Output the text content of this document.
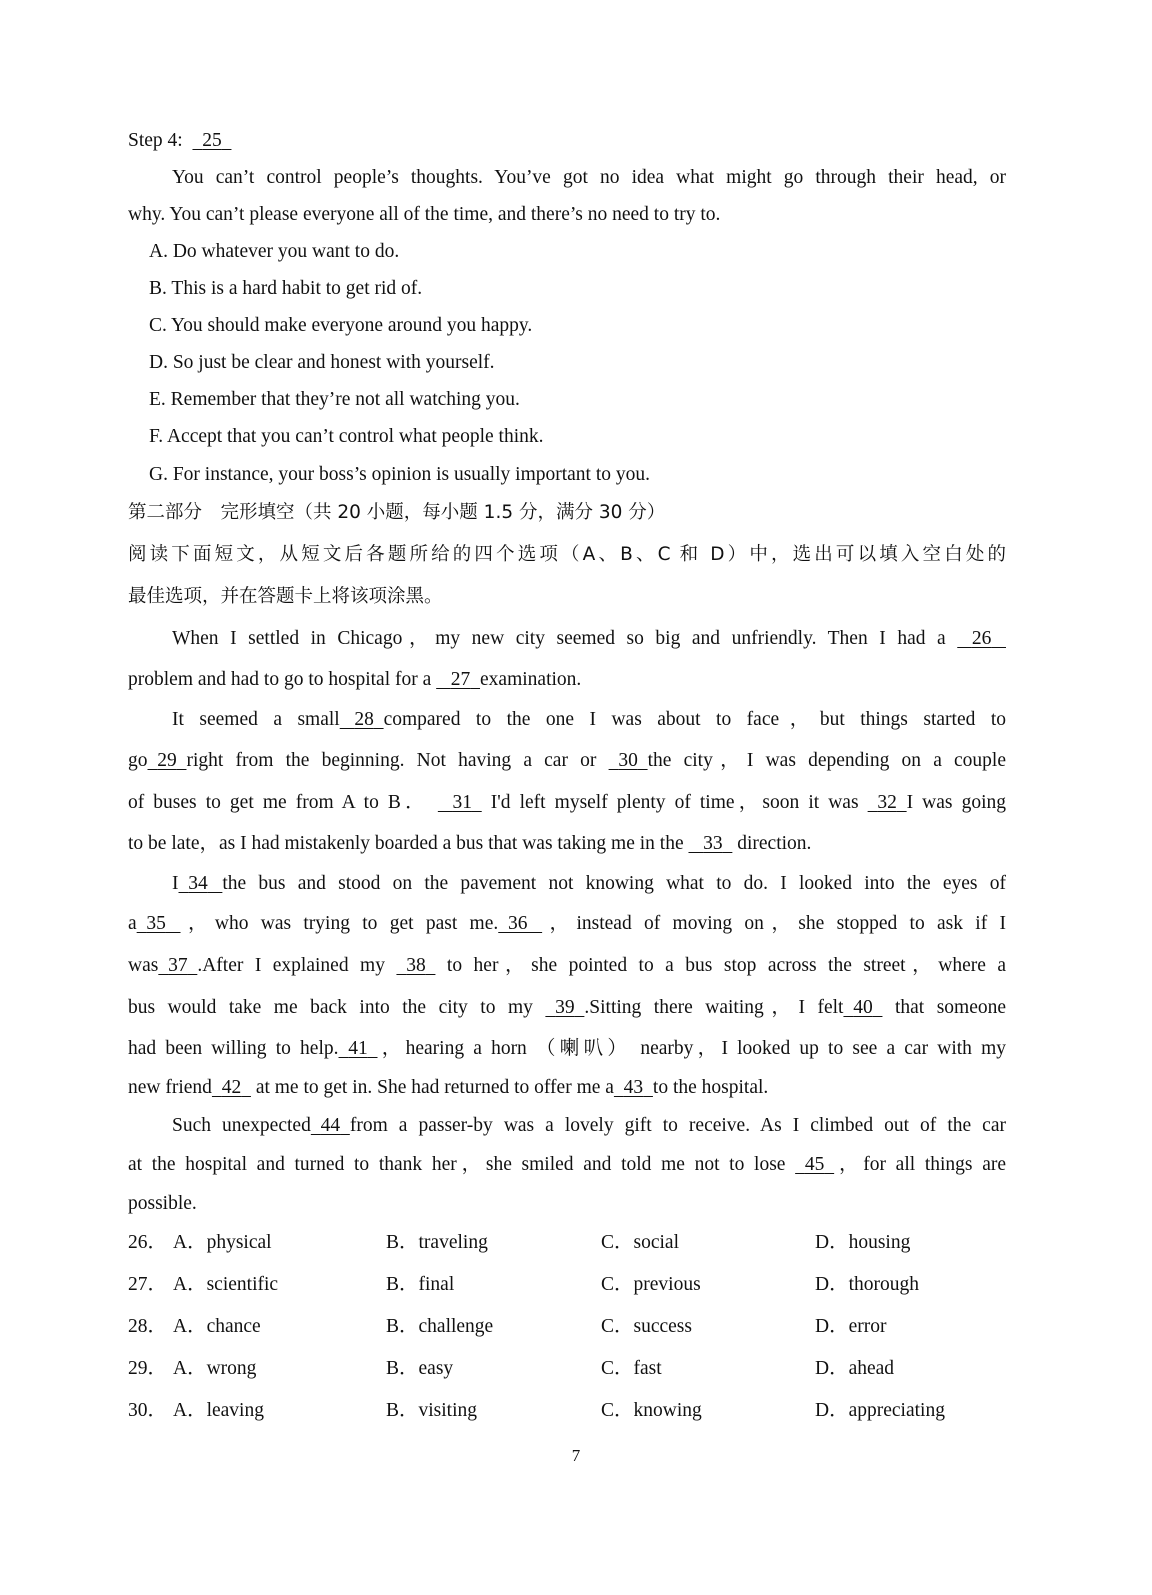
Step 4: 25
You can’t control people’s thoughts. You’ve got no idea what might go through their head, or
why. You can’t please everyone all of the time, and there’s no need to try to.
A. Do whatever you want to do.
B. This is a hard habit to get rid of.
C. You should make everyone around you happy.
D. So just be clear and honest with yourself.
E. Remember that they’re not all watching you.
F. Accept that you can’t control what people think.
G. For instance, your boss’s opinion is usually important to you.
第二部分　完形填空（共 20 小题，每小题 1.5 分，满分 30 分）
阅读下面短文，从短文后各题所给的四个选项（A、B、C 和 D）中，选出可以填入空白处的
最佳选项，并在答题卡上将该项涂黑。
When I settled in Chicago，my new city seemed so big and unfriendly. Then I had a 26
problem and had to go to hospital for a 27 examination.
It seemed a small 28 compared to the one I was about to face，but things started to
go 29 right from the beginning. Not having a car or 30 the city，I was depending on a couple
of buses to get me from A to B． 31 I'd left myself plenty of time，soon it was 32 I was going
to be late，as I had mistakenly boarded a bus that was taking me in the 33 direction.
I 34 the bus and stood on the pavement not knowing what to do. I looked into the eyes of
a 35 ，who was trying to get past me. 36 ，instead of moving on，she stopped to ask if I
was 37 .After I explained my 38 to her，she pointed to a bus stop across the street，where a
bus would take me back into the city to my 39 .Sitting there waiting，I felt 40 that someone
had been willing to help. 41 ，hearing a horn （喇叭） nearby，I looked up to see a car with my
new friend 42 at me to get in. She had returned to offer me a 43 to the hospital.
Such unexpected 44 from a passer-by was a lovely gift to receive. As I climbed out of the car
at the hospital and turned to thank her，she smiled and told me not to lose 45 ，for all things are
possible.
26． A．physical	B．traveling	C．social	D．housing
27． A．scientific	B．final	C．previous	D．thorough
28． A．chance	B．challenge	C．success	D．error
29． A．wrong	B．easy	C．fast	D．ahead
30． A．leaving	B．visiting	C．knowing	D．appreciating
7
